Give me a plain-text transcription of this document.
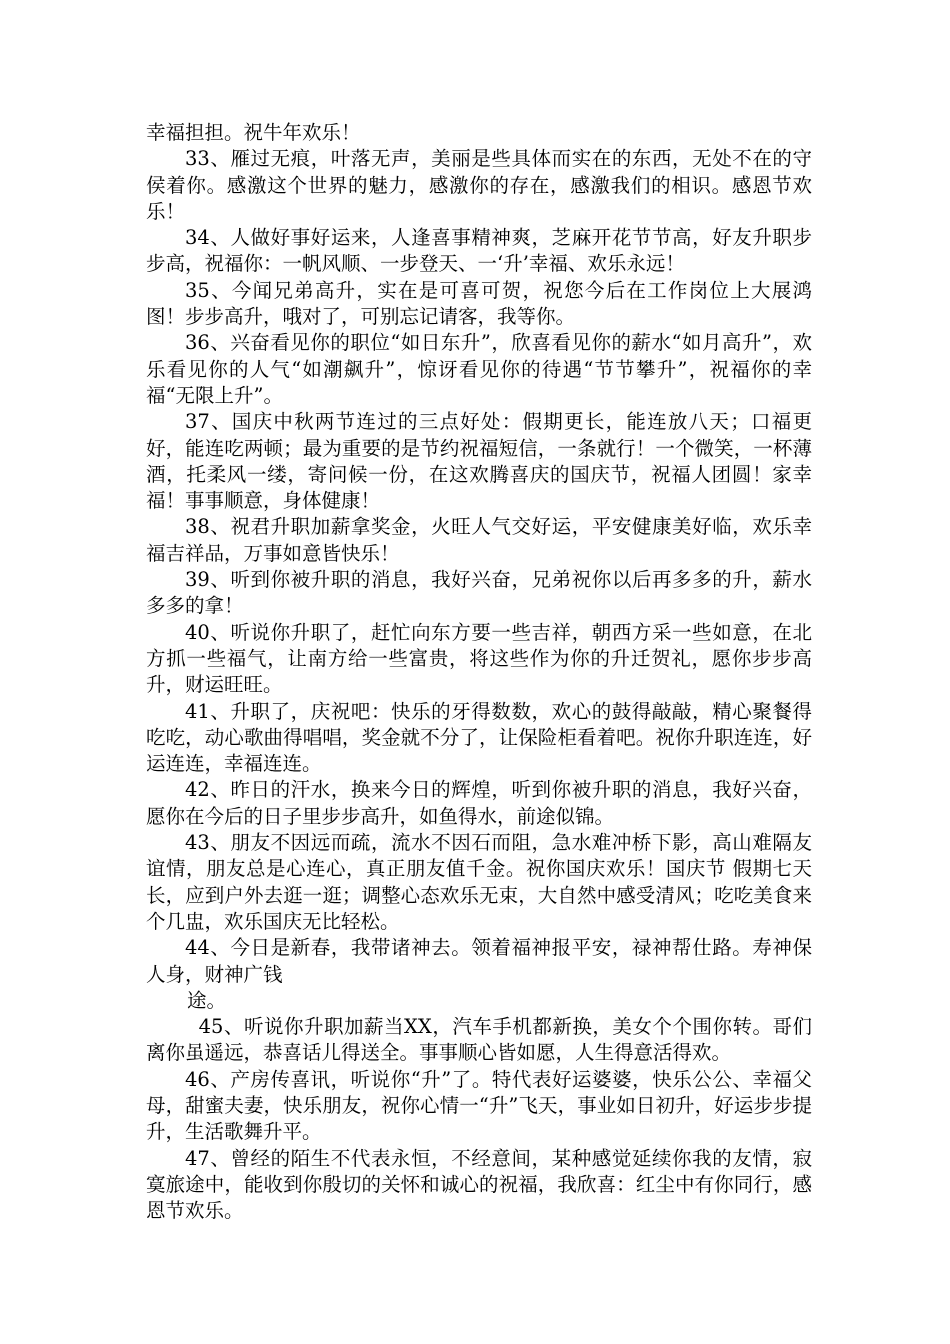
幸福担担。祝牛年欢乐！

33、雁过无痕，叶落无声，美丽是些具体而实在的东西，无处不在的守侯着你。感激这个世界的魅力，感激你的存在，感激我们的相识。感恩节欢乐！

34、人做好事好运来，人逢喜事精神爽，芝麻开花节节高，好友升职步步高，祝福你：一帆风顺、一步登天、一‘升’幸福、欢乐永远！

35、今闻兄弟高升，实在是可喜可贺，祝您今后在工作岗位上大展鸿图！步步高升，哦对了，可别忘记请客，我等你。

36、兴奋看见你的职位“如日东升”，欣喜看见你的薪水“如月高升”，欢乐看见你的人气“如潮飙升”，惊讶看见你的待遇“节节攀升”，祝福你的幸福“无限上升”。

37、国庆中秋两节连过的三点好处：假期更长，能连放八天；口福更好，能连吃两顿；最为重要的是节约祝福短信，一条就行！一个微笑，一杯薄酒，托柔风一缕，寄问候一份，在这欢腾喜庆的国庆节，祝福人团圆！家幸福！事事顺意，身体健康！

38、祝君升职加薪拿奖金，火旺人气交好运，平安健康美好临，欢乐幸福吉祥品，万事如意皆快乐！

39、听到你被升职的消息，我好兴奋，兄弟祝你以后再多多的升，薪水多多的拿！

40、听说你升职了，赶忙向东方要一些吉祥，朝西方采一些如意，在北方抓一些福气，让南方给一些富贵，将这些作为你的升迁贺礼，愿你步步高升，财运旺旺。

41、升职了，庆祝吧：快乐的牙得数数，欢心的鼓得敲敲，精心聚餐得吃吃，动心歌曲得唱唱，奖金就不分了，让保险柜看着吧。祝你升职连连，好运连连，幸福连连。

42、昨日的汗水，换来今日的辉煌，听到你被升职的消息，我好兴奋，愿你在今后的日子里步步高升，如鱼得水，前途似锦。

43、朋友不因远而疏，流水不因石而阻，急水难冲桥下影，高山难隔友谊情，朋友总是心连心，真正朋友值千金。祝你国庆欢乐！国庆节 假期七天长，应到户外去逛一逛；调整心态欢乐无束，大自然中感受清风；吃吃美食来个几盅，欢乐国庆无比轻松。

44、今日是新春，我带诸神去。领着福神报平安，禄神帮仕路。寿神保人身，财神广钱

途。

45、听说你升职加薪当XX，汽车手机都新换，美女个个围你转。哥们离你虽遥远，恭喜话儿得送全。事事顺心皆如愿，人生得意活得欢。

46、产房传喜讯，听说你“升”了。特代表好运婆婆，快乐公公、幸福父母，甜蜜夫妻，快乐朋友，祝你心情一“升”飞天，事业如日初升，好运步步提升，生活歌舞升平。

47、曾经的陌生不代表永恒，不经意间，某种感觉延续你我的友情，寂寞旅途中，能收到你殷切的关怀和诚心的祝福，我欣喜：红尘中有你同行，感恩节欢乐。
